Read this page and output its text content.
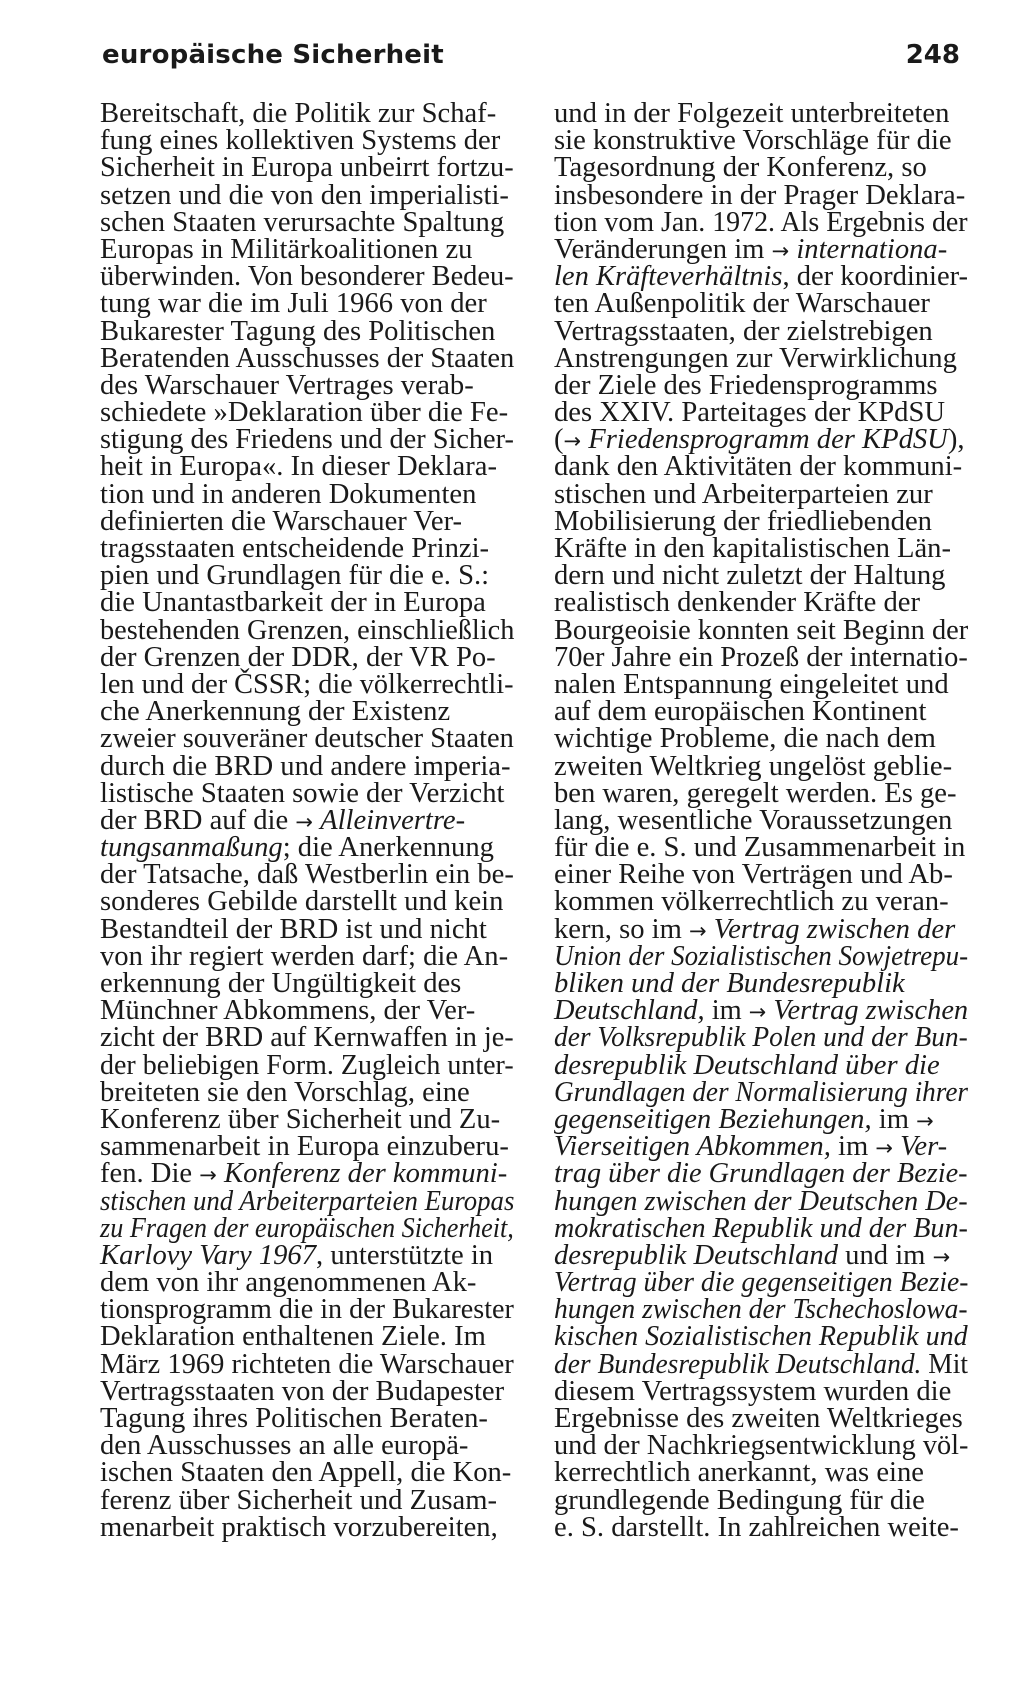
europäische Sicherheit	248
Bereitschaft, die Politik zur Schaf-
fung eines kollektiven Systems der
Sicherheit in Europa unbeirrt fortzu-
setzen und die von den imperialisti-
schen Staaten verursachte Spaltung
Europas in Militärkoalitionen zu
überwinden. Von besonderer Bedeu-
tung war die im Juli 1966 von der
Bukarester Tagung des Politischen
Beratenden Ausschusses der Staaten
des Warschauer Vertrages verab-
schiedete »Deklaration über die Fe-
stigung des Friedens und der Sicher-
heit in Europa«. In dieser Deklara-
tion und in anderen Dokumenten
definierten die Warschauer Ver-
tragsstaaten entscheidende Prinzi-
pien und Grundlagen für die e. S.:
die Unantastbarkeit der in Europa
bestehenden Grenzen, einschließlich
der Grenzen der DDR, der VR Po-
len und der ČSSR; die völkerrechtli-
che Anerkennung der Existenz
zweier souveräner deutscher Staaten
durch die BRD und andere imperia-
listische Staaten sowie der Verzicht
der BRD auf die → Alleinvertre-
tungsanmaßung; die Anerkennung
der Tatsache, daß Westberlin ein be-
sonderes Gebilde darstellt und kein
Bestandteil der BRD ist und nicht
von ihr regiert werden darf; die An-
erkennung der Ungültigkeit des
Münchner Abkommens, der Ver-
zicht der BRD auf Kernwaffen in je-
der beliebigen Form. Zugleich unter-
breiteten sie den Vorschlag, eine
Konferenz über Sicherheit und Zu-
sammenarbeit in Europa einzuberu-
fen. Die → Konferenz der kommuni-
stischen und Arbeiterparteien Europas
zu Fragen der europäischen Sicherheit,
Karlovy Vary 1967, unterstützte in
dem von ihr angenommenen Ak-
tionsprogramm die in der Bukarester
Deklaration enthaltenen Ziele. Im
März 1969 richteten die Warschauer
Vertragsstaaten von der Budapester
Tagung ihres Politischen Beraten-
den Ausschusses an alle europä-
ischen Staaten den Appell, die Kon-
ferenz über Sicherheit und Zusam-
menarbeit praktisch vorzubereiten,
und in der Folgezeit unterbreiteten
sie konstruktive Vorschläge für die
Tagesordnung der Konferenz, so
insbesondere in der Prager Deklara-
tion vom Jan. 1972. Als Ergebnis der
Veränderungen im → internationa-
len Kräfteverhältnis, der koordinier-
ten Außenpolitik der Warschauer
Vertragsstaaten, der zielstrebigen
Anstrengungen zur Verwirklichung
der Ziele des Friedensprogramms
des XXIV. Parteitages der KPdSU
(→ Friedensprogramm der KPdSU),
dank den Aktivitäten der kommuni-
stischen und Arbeiterparteien zur
Mobilisierung der friedliebenden
Kräfte in den kapitalistischen Län-
dern und nicht zuletzt der Haltung
realistisch denkender Kräfte der
Bourgeoisie konnten seit Beginn der
70er Jahre ein Prozeß der internatio-
nalen Entspannung eingeleitet und
auf dem europäischen Kontinent
wichtige Probleme, die nach dem
zweiten Weltkrieg ungelöst geblie-
ben waren, geregelt werden. Es ge-
lang, wesentliche Voraussetzungen
für die e. S. und Zusammenarbeit in
einer Reihe von Verträgen und Ab-
kommen völkerrechtlich zu veran-
kern, so im → Vertrag zwischen der
Union der Sozialistischen Sowjetrepu-
bliken und der Bundesrepublik
Deutschland, im → Vertrag zwischen
der Volksrepublik Polen und der Bun-
desrepublik Deutschland über die
Grundlagen der Normalisierung ihrer
gegenseitigen Beziehungen, im →
Vierseitigen Abkommen, im → Ver-
trag über die Grundlagen der Bezie-
hungen zwischen der Deutschen De-
mokratischen Republik und der Bun-
desrepublik Deutschland und im →
Vertrag über die gegenseitigen Bezie-
hungen zwischen der Tschechoslowa-
kischen Sozialistischen Republik und
der Bundesrepublik Deutschland. Mit
diesem Vertragssystem wurden die
Ergebnisse des zweiten Weltkrieges
und der Nachkriegsentwicklung völ-
kerrechtlich anerkannt, was eine
grundlegende Bedingung für die
e. S. darstellt. In zahlreichen weite-
